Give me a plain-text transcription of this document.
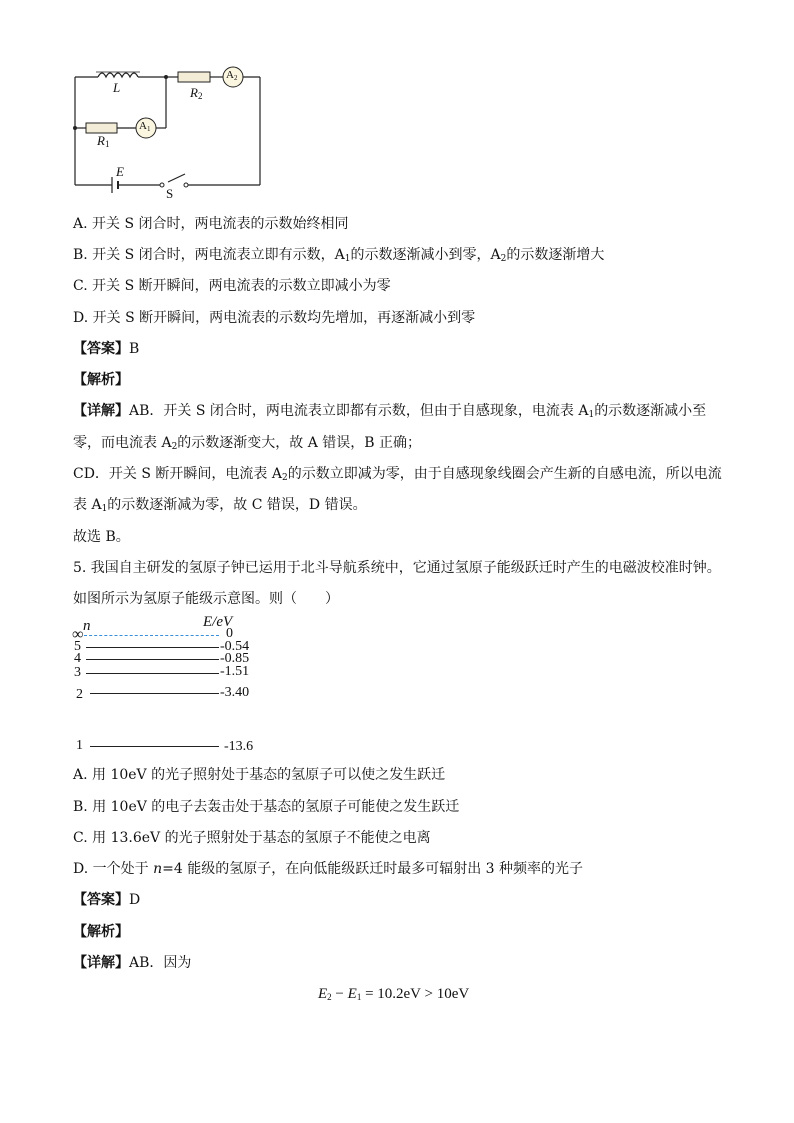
L	$R_2$
$A_2$
$R_1$
$A_1$
E
S
A. 开关 S 闭合时，两电流表的示数始终相同
B. 开关 S 闭合时，两电流表立即有示数，$A_1$的示数逐渐减小到零，$A_2$的示数逐渐增大
C. 开关 S 断开瞬间，两电流表的示数立即减小为零
D. 开关 S 断开瞬间，两电流表的示数均先增加，再逐渐减小到零
【答案】B
【解析】
【详解】AB．开关 S 闭合时，两电流表立即都有示数，但由于自感现象，电流表 $A_1$的示数逐渐减小至
零，而电流表 $A_2$的示数逐渐变大，故 A 错误，B 正确；
CD．开关 S 断开瞬间，电流表 $A_2$的示数立即减为零，由于自感现象线圈会产生新的自感电流，所以电流
表 $A_1$的示数逐渐减为零，故 C 错误，D 错误。
故选 B。
5. 我国自主研发的氢原子钟已运用于北斗导航系统中，它通过氢原子能级跃迁时产生的电磁波校准时钟。
如图所示为氢原子能级示意图。则（　　）
n	E/eV
∞
5
4
3
2
1
0
-0.54
-0.85
-1.51
-3.40
-13.6
A. 用 10eV 的光子照射处于基态的氢原子可以使之发生跃迁
B. 用 10eV 的电子去轰击处于基态的氢原子可能使之发生跃迁
C. 用 13.6eV 的光子照射处于基态的氢原子不能使之电离
D. 一个处于 n=4 能级的氢原子，在向低能级跃迁时最多可辐射出 3 种频率的光子
【答案】D
【解析】
【详解】AB．因为
$E_2 - E_1 = 10.2eV > 10eV$
